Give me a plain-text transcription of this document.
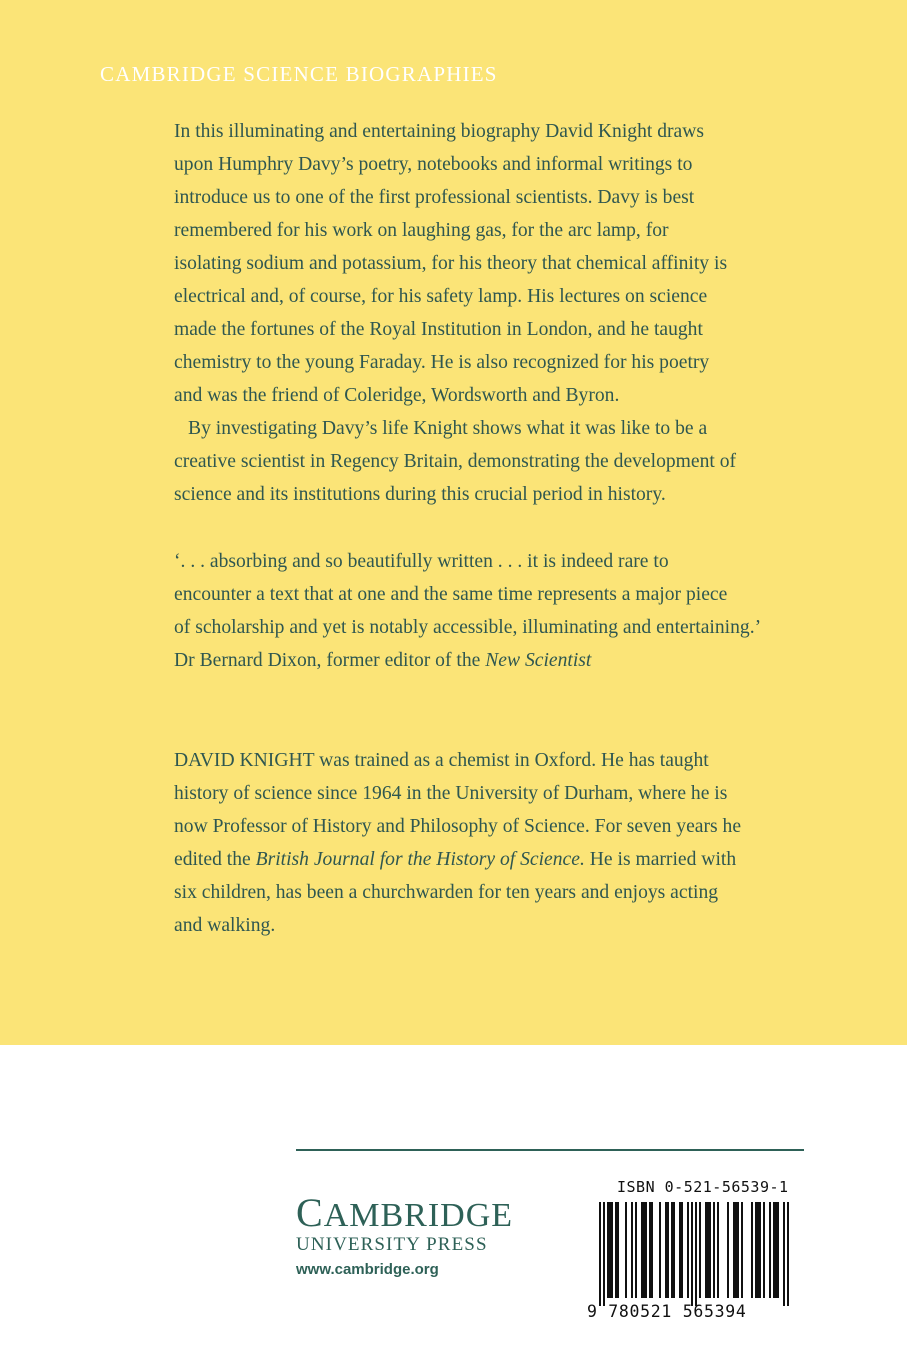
CAMBRIDGE SCIENCE BIOGRAPHIES
In this illuminating and entertaining biography David Knight draws
upon Humphry Davy’s poetry, notebooks and informal writings to
introduce us to one of the first professional scientists. Davy is best
remembered for his work on laughing gas, for the arc lamp, for
isolating sodium and potassium, for his theory that chemical affinity is
electrical and, of course, for his safety lamp. His lectures on science
made the fortunes of the Royal Institution in London, and he taught
chemistry to the young Faraday. He is also recognized for his poetry
and was the friend of Coleridge, Wordsworth and Byron.
By investigating Davy’s life Knight shows what it was like to be a
creative scientist in Regency Britain, demonstrating the development of
science and its institutions during this crucial period in history.
‘. . . absorbing and so beautifully written . . . it is indeed rare to
encounter a text that at one and the same time represents a major piece
of scholarship and yet is notably accessible, illuminating and entertaining.’
Dr Bernard Dixon, former editor of the New Scientist
DAVID KNIGHT was trained as a chemist in Oxford. He has taught
history of science since 1964 in the University of Durham, where he is
now Professor of History and Philosophy of Science. For seven years he
edited the British Journal for the History of Science. He is married with
six children, has been a churchwarden for ten years and enjoys acting
and walking.
CAMBRIDGE
UNIVERSITY PRESS
www.cambridge.org
ISBN 0-521-56539-1
9 780521 565394
